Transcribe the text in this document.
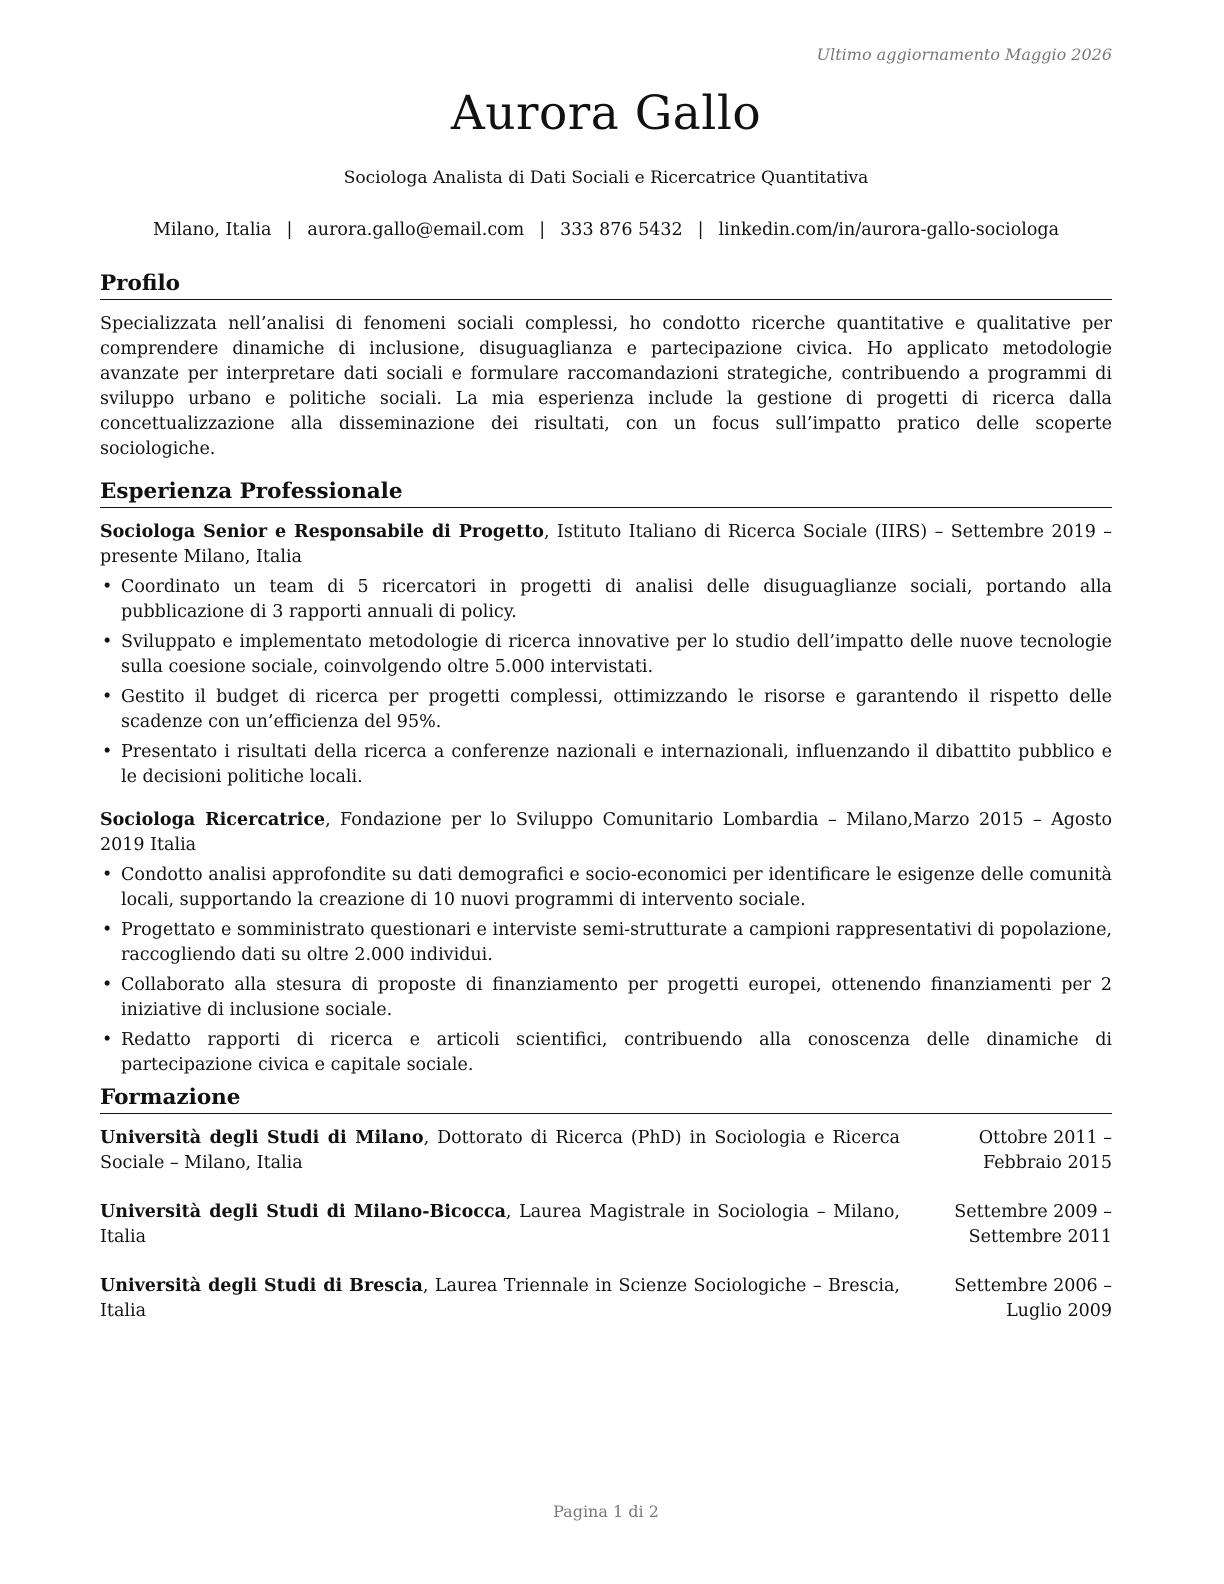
Ultimo aggiornamento Maggio 2026
Aurora Gallo
Sociologa Analista di Dati Sociali e Ricercatrice Quantitativa
Milano, Italia | aurora.gallo@email.com | 333 876 5432 | linkedin.com/in/aurora-gallo-sociologa
Profilo

Specializzata nell’analisi di fenomeni sociali complessi, ho condotto ricerche quantitative e qualitative per comprendere dinamiche di inclusione, disuguaglianza e partecipazione civica. Ho applicato metodologie avanzate per interpretare dati sociali e formulare raccomandazioni strategiche, contribuendo a programmi di sviluppo urbano e politiche sociali. La mia esperienza include la gestione di progetti di ricerca dalla concettualizzazione alla disseminazione dei risultati, con un focus sull’impatto pratico delle scoperte sociologiche.

Esperienza Professionale
Sociologa Senior e Responsabile di Progetto, Istituto Italiano di Ricerca Sociale (IIRS) – Settembre 2019 – presente Milano, Italia
• Coordinato un team di 5 ricercatori in progetti di analisi delle disuguaglianze sociali, portando alla pubblicazione di 3 rapporti annuali di policy.
• Sviluppato e implementato metodologie di ricerca innovative per lo studio dell’impatto delle nuove tecnologie sulla coesione sociale, coinvolgendo oltre 5.000 intervistati.
• Gestito il budget di ricerca per progetti complessi, ottimizzando le risorse e garantendo il rispetto delle scadenze con un’efficienza del 95%.
• Presentato i risultati della ricerca a conferenze nazionali e internazionali, influenzando il dibattito pubblico e le decisioni politiche locali.
Sociologa Ricercatrice, Fondazione per lo Sviluppo Comunitario Lombardia – Milano,Marzo 2015 – Agosto 2019 Italia
• Condotto analisi approfondite su dati demografici e socio-economici per identificare le esigenze delle comunità locali, supportando la creazione di 10 nuovi programmi di intervento sociale.
• Progettato e somministrato questionari e interviste semi-strutturate a campioni rappresentativi di popolazione, raccogliendo dati su oltre 2.000 individui.
• Collaborato alla stesura di proposte di finanziamento per progetti europei, ottenendo finanziamenti per 2 iniziative di inclusione sociale.
• Redatto rapporti di ricerca e articoli scientifici, contribuendo alla conoscenza delle dinamiche di partecipazione civica e capitale sociale.
Formazione
Università degli Studi di Milano, Dottorato di Ricerca (PhD) in Sociologia e Ricerca Sociale – Milano, Italia
Ottobre 2011 – Febbraio 2015
Università degli Studi di Milano-Bicocca, Laurea Magistrale in Sociologia – Milano, Italia
Settembre 2009 – Settembre 2011
Università degli Studi di Brescia, Laurea Triennale in Scienze Sociologiche – Brescia, Italia
Settembre 2006 – Luglio 2009
Pagina 1 di 2
